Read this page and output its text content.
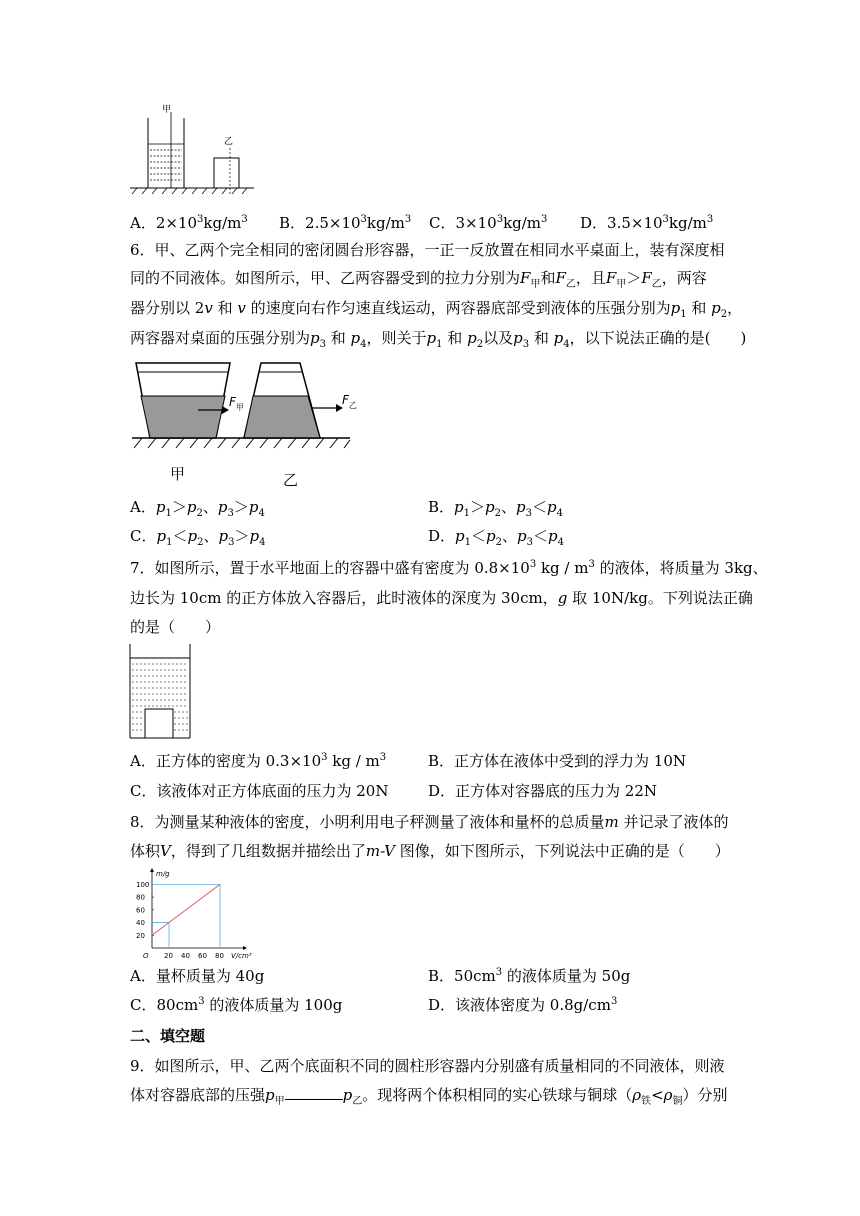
甲
乙
A．$2\times 10^3kg/m^3$ B．$2.5\times 10^3kg/m^3$ C．$3\times 10^3kg/m^3$ D．$3.5\times 10^3kg/m^3$
6．甲、乙两个完全相同的密闭圆台形容器，一正一反放置在相同水平桌面上，装有深度相
同的不同液体。如图所示，甲、乙两容器受到的拉力分别为$F_甲$和$F_乙$，且$F_甲>F_乙$，两容
器分别以 2v 和 v 的速度向右作匀速直线运动，两容器底部受到液体的压强分别为$p_1$ 和 $p_2$，
两容器对桌面的压强分别为$p_3$ 和 $p_4$，则关于$p_1$ 和 $p_2$以及$p_3$ 和 $p_4$，以下说法正确的是(　　)
$F_甲$
$F_乙$
甲	乙
A．$p_1>p_2$、$p_3>p_4$	B．$p_1>p_2$、$p_3<p_4$
C．$p_1<p_2$、$p_3>p_4$	D．$p_1<p_2$、$p_3<p_4$
7．如图所示，置于水平地面上的容器中盛有密度为 $0.8\times 10^3$ kg / $m^3$ 的液体，将质量为 3kg、
边长为 10cm 的正方体放入容器后，此时液体的深度为 30cm，g 取 10N/kg。下列说法正确
的是（　　）
A．正方体的密度为 $0.3\times 10^3$ kg / $m^3$	B．正方体在液体中受到的浮力为 10N
C．该液体对正方体底面的压力为 20N	D．正方体对容器底的压力为 22N
8．为测量某种液体的密度，小明利用电子秤测量了液体和量杯的总质量m 并记录了液体的
体积V，得到了几组数据并描绘出了m-V 图像，如下图所示，下列说法中正确的是（　　）
m/g
V/cm³
O 20 40 60 80
20
40
60
80
100
A．量杯质量为 40g	B．$50cm^3$ 的液体质量为 50g
C．$80cm^3$ 的液体质量为 100g	D．该液体密度为 $0.8g/cm^3$
二、填空题
9．如图所示，甲、乙两个底面积不同的圆柱形容器内分别盛有质量相同的不同液体，则液
体对容器底部的压强$p_甲$	$p_乙$。现将两个体积相同的实心铁球与铜球$(\rho_铁<\rho_铜)$分别
